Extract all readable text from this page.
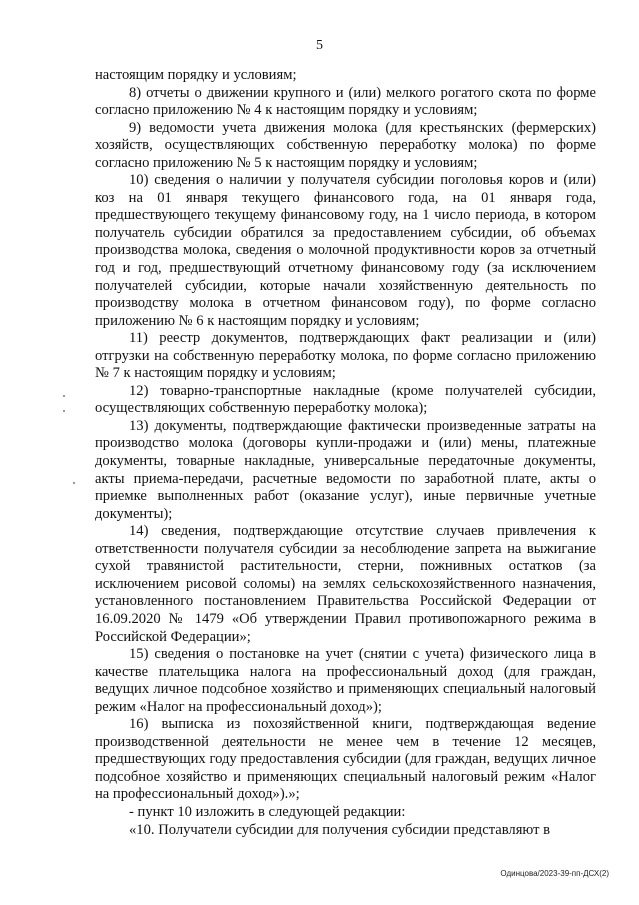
5

настоящим порядку и условиям;

8) отчеты о движении крупного и (или) мелкого рогатого скота по форме согласно приложению № 4 к настоящим порядку и условиям;

9) ведомости учета движения молока (для крестьянских (фермерских) хозяйств, осуществляющих собственную переработку молока) по форме согласно приложению № 5 к настоящим порядку и условиям;

10) сведения о наличии у получателя субсидии поголовья коров и (или) коз на 01 января текущего финансового года, на 01 января года, предшествующего текущему финансовому году, на 1 число периода, в котором получатель субсидии обратился за предоставлением субсидии, об объемах производства молока, сведения о молочной продуктивности коров за отчетный год и год, предшествующий отчетному финансовому году (за исключением получателей субсидии, которые начали хозяйственную деятельность по производству молока в отчетном финансовом году), по форме согласно приложению № 6 к настоящим порядку и условиям;

11) реестр документов, подтверждающих факт реализации и (или) отгрузки на собственную переработку молока, по форме согласно приложению № 7 к настоящим порядку и условиям;

12) товарно-транспортные накладные (кроме получателей субсидии, осуществляющих собственную переработку молока);

13) документы, подтверждающие фактически произведенные затраты на производство молока (договоры купли-продажи и (или) мены, платежные документы, товарные накладные, универсальные передаточные документы, акты приема-передачи, расчетные ведомости по заработной плате, акты о приемке выполненных работ (оказание услуг), иные первичные учетные документы);

14) сведения, подтверждающие отсутствие случаев привлечения к ответственности получателя субсидии за несоблюдение запрета на выжигание сухой травянистой растительности, стерни, пожнивных остатков (за исключением рисовой соломы) на землях сельскохозяйственного назначения, установленного постановлением Правительства Российской Федерации от 16.09.2020 № 1479 «Об утверждении Правил противопожарного режима в Российской Федерации»;

15) сведения о постановке на учет (снятии с учета) физического лица в качестве плательщика налога на профессиональный доход (для граждан, ведущих личное подсобное хозяйство и применяющих специальный налоговый режим «Налог на профессиональный доход»);

16) выписка из похозяйственной книги, подтверждающая ведение производственной деятельности не менее чем в течение 12 месяцев, предшествующих году предоставления субсидии (для граждан, ведущих личное подсобное хозяйство и применяющих специальный налоговый режим «Налог на профессиональный доход»).»;

- пункт 10 изложить в следующей редакции:

«10. Получатели субсидии для получения субсидии представляют в

Одинцова/2023-39-пп-ДСХ(2)
